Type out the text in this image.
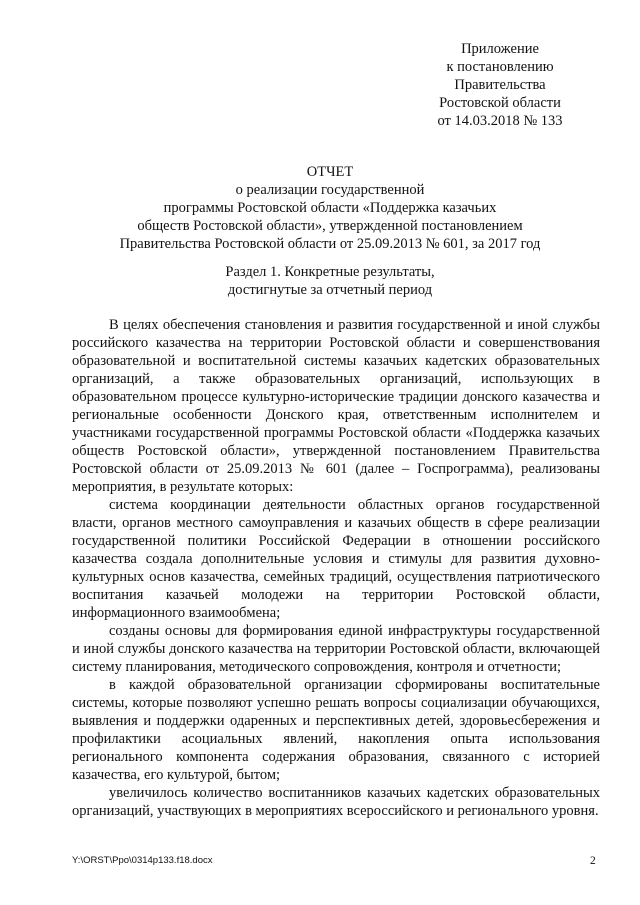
Приложение
к постановлению
Правительства
Ростовской области
от 14.03.2018 № 133
ОТЧЕТ
о реализации государственной
программы Ростовской области «Поддержка казачьих
обществ Ростовской области», утвержденной постановлением
Правительства Ростовской области от 25.09.2013 № 601, за 2017 год
Раздел 1. Конкретные результаты,
достигнутые за отчетный период

В целях обеспечения становления и развития государственной и иной службы российского казачества на территории Ростовской области и совершенствования образовательной и воспитательной системы казачьих кадетских образовательных организаций, а также образовательных организаций, использующих в образовательном процессе культурно-исторические традиции донского казачества и региональные особенности Донского края, ответственным исполнителем и участниками государственной программы Ростовской области «Поддержка казачьих обществ Ростовской области», утвержденной постановлением Правительства Ростовской области от 25.09.2013 № 601 (далее – Госпрограмма), реализованы мероприятия, в результате которых:

система координации деятельности областных органов государственной власти, органов местного самоуправления и казачьих обществ в сфере реализации государственной политики Российской Федерации в отношении российского казачества создала дополнительные условия и стимулы для развития духовно-культурных основ казачества, семейных традиций, осуществления патриотического воспитания казачьей молодежи на территории Ростовской области, информационного взаимообмена;

созданы основы для формирования единой инфраструктуры государственной и иной службы донского казачества на территории Ростовской области, включающей систему планирования, методического сопровождения, контроля и отчетности;

в каждой образовательной организации сформированы воспитательные системы, которые позволяют успешно решать вопросы социализации обучающихся, выявления и поддержки одаренных и перспективных детей, здоровьесбережения и профилактики асоциальных явлений, накопления опыта использования регионального компонента содержания образования, связанного с историей казачества, его культурой, бытом;

увеличилось количество воспитанников казачьих кадетских образовательных организаций, участвующих в мероприятиях всероссийского и регионального уровня.

Y:\ORST\Ppo\0314p133.f18.docx	2
